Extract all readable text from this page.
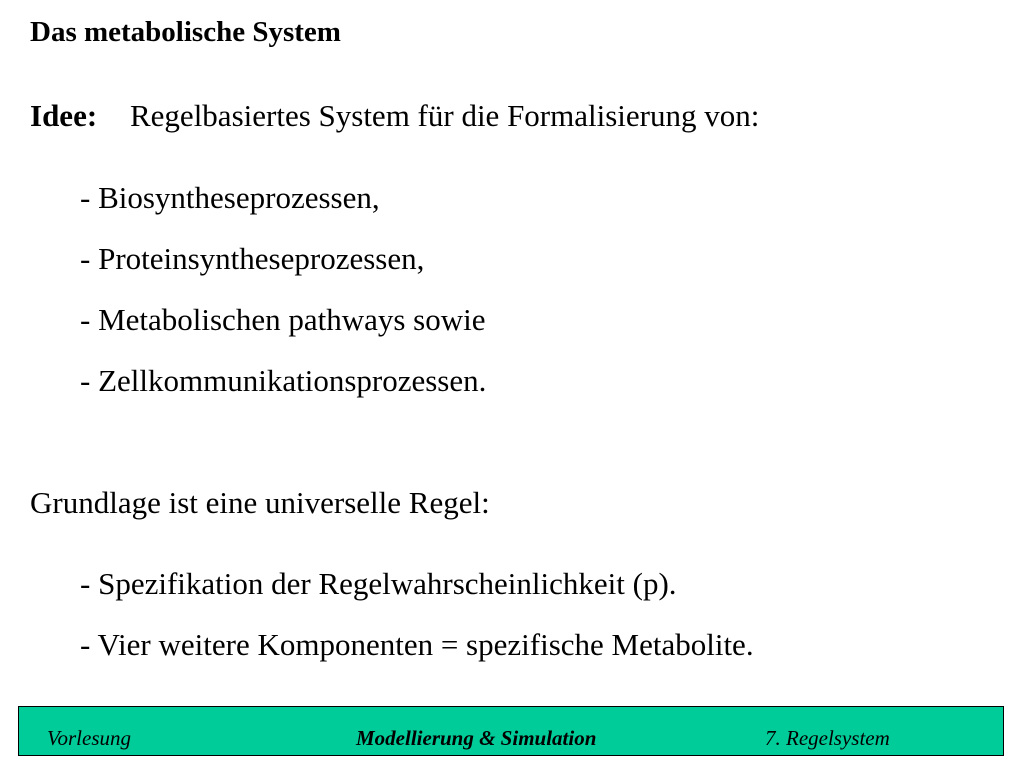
Das metabolische System
Idee: Regelbasiertes System für die Formalisierung von:
- Biosyntheseprozessen,
- Proteinsyntheseprozessen,
- Metabolischen pathways sowie
- Zellkommunikationsprozessen.
Grundlage ist eine universelle Regel:
- Spezifikation der Regelwahrscheinlichkeit (p).
- Vier weitere Komponenten = spezifische Metabolite.
Vorlesung	Modellierung & Simulation	7. Regelsystem
